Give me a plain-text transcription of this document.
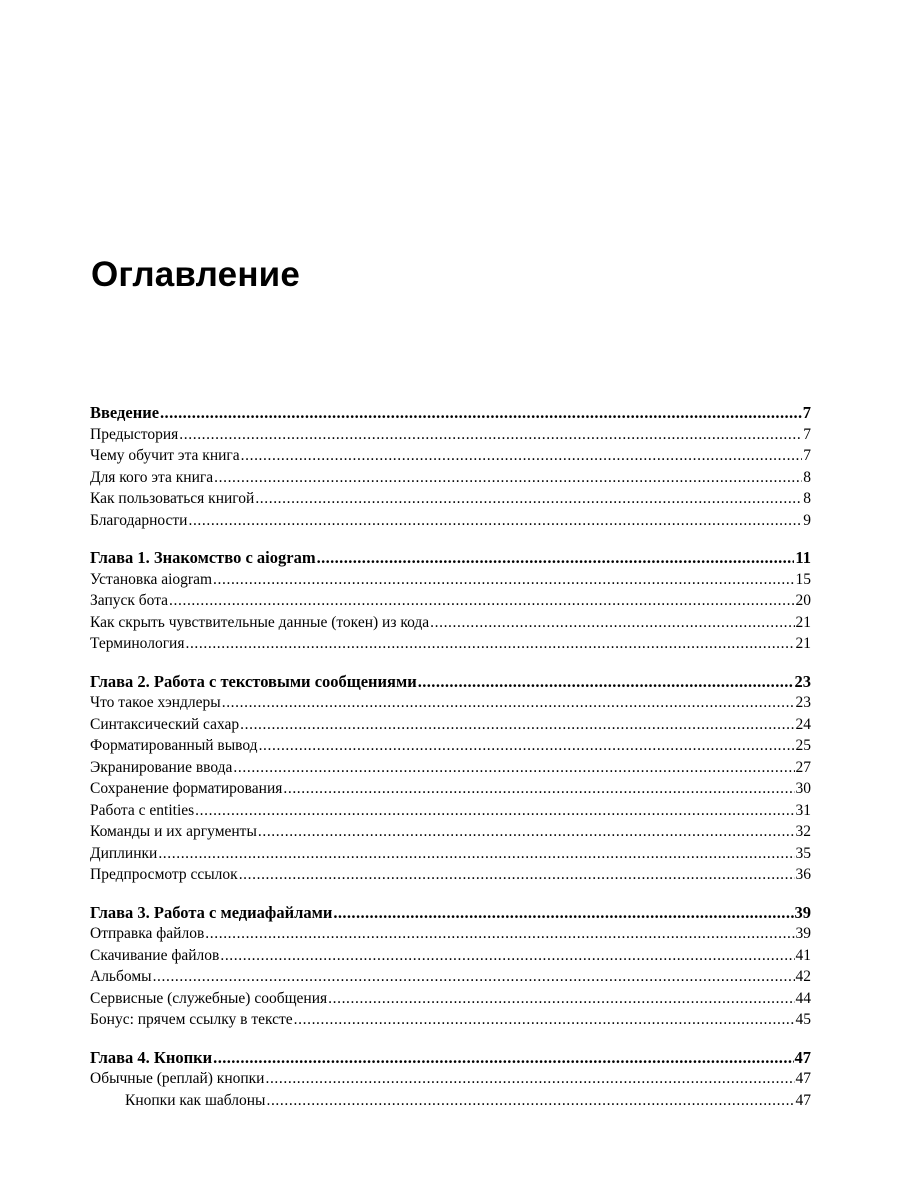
Оглавление
Введение .....	7
Предыстория .....	7
Чему обучит эта книга .....	7
Для кого эта книга .....	8
Как пользоваться книгой .....	8
Благодарности .....	9
Глава 1. Знакомство с aiogram .....	11
Установка aiogram .....	15
Запуск бота .....	20
Как скрыть чувствительные данные (токен) из кода .....	21
Терминология .....	21
Глава 2. Работа с текстовыми сообщениями .....	23
Что такое хэндлеры .....	23
Синтаксический сахар .....	24
Форматированный вывод .....	25
Экранирование ввода .....	27
Сохранение форматирования .....	30
Работа с entities .....	31
Команды и их аргументы .....	32
Диплинки .....	35
Предпросмотр ссылок .....	36
Глава 3. Работа с медиафайлами .....	39
Отправка файлов .....	39
Скачивание файлов .....	41
Альбомы .....	42
Сервисные (служебные) сообщения .....	44
Бонус: прячем ссылку в тексте .....	45
Глава 4. Кнопки .....	47
Обычные (реплай) кнопки .....	47
Кнопки как шаблоны .....	47
